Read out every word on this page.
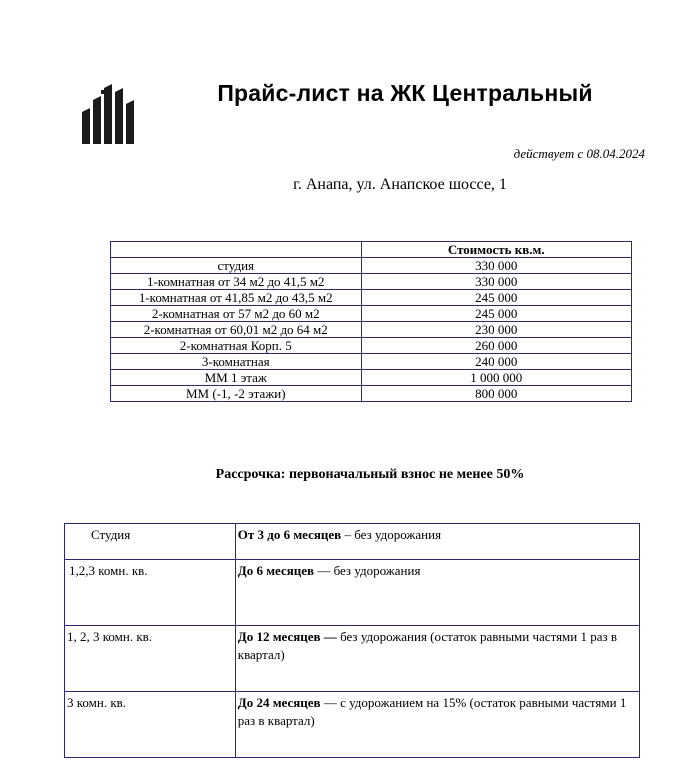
Прайс-лист на ЖК Центральный
действует с 08.04.2024
г. Анапа, ул. Анапское шоссе, 1
	Стоимость кв.м.
студия	330 000
1-комнатная от 34 м2 до 41,5 м2	330 000
1-комнатная от 41,85 м2 до 43,5 м2	245 000
2-комнатная от 57 м2 до 60 м2	245 000
2-комнатная от 60,01 м2 до 64 м2	230 000
2-комнатная Корп. 5	260 000
3-комнатная	240 000
ММ 1 этаж	1 000 000
ММ (-1, -2 этажи)	800 000
Рассрочка: первоначальный взнос не менее 50%
Студия	От 3 до 6 месяцев – без удорожания
1,2,3 комн. кв.	До 6 месяцев — без удорожания
1, 2, 3 комн. кв.	До 12 месяцев — без удорожания (остаток равными частями 1 раз в квартал)
3 комн. кв.	До 24 месяцев — с удорожанием на 15% (остаток равными частями 1 раз в квартал)
